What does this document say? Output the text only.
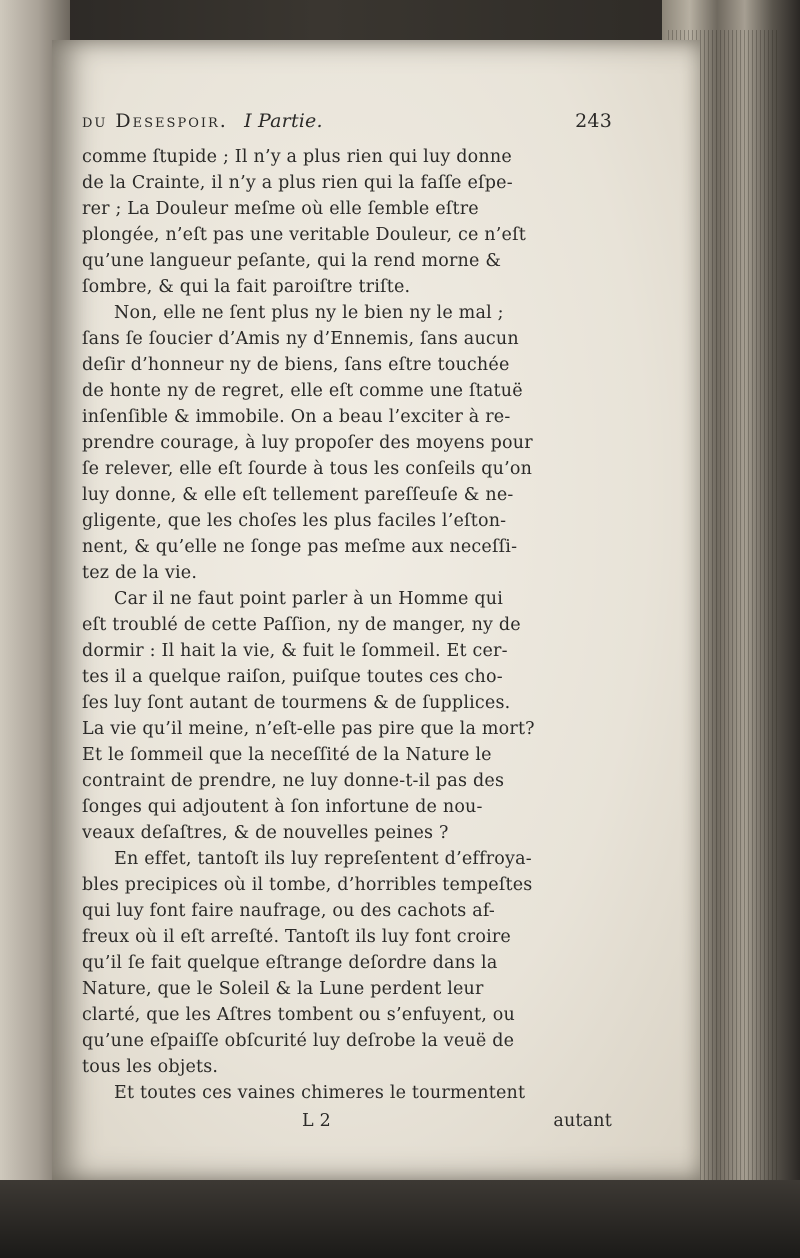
du Desespoir. I Partie.	243
comme ſtupide ; Il n’y a plus rien qui luy donne
de la Crainte, il n’y a plus rien qui la faſſe eſpe-
rer ; La Douleur meſme où elle ſemble eſtre
plongée, n’eſt pas une veritable Douleur, ce n’eſt
qu’une langueur peſante, qui la rend morne &
ſombre, & qui la fait paroiſtre triſte.
Non, elle ne ſent plus ny le bien ny le mal ;
ſans ſe ſoucier d’Amis ny d’Ennemis, ſans aucun
deſir d’honneur ny de biens, ſans eſtre touchée
de honte ny de regret, elle eſt comme une ſtatuë
inſenſible & immobile. On a beau l’exciter à re-
prendre courage, à luy propoſer des moyens pour
ſe relever, elle eſt ſourde à tous les conſeils qu’on
luy donne, & elle eſt tellement pareſſeuſe & ne-
gligente, que les choſes les plus faciles l’eſton-
nent, & qu’elle ne ſonge pas meſme aux neceſſi-
tez de la vie.
Car il ne faut point parler à un Homme qui
eſt troublé de cette Paſſion, ny de manger, ny de
dormir : Il hait la vie, & fuit le ſommeil. Et cer-
tes il a quelque raiſon, puiſque toutes ces cho-
ſes luy ſont autant de tourmens & de ſupplices.
La vie qu’il meine, n’eſt-elle pas pire que la mort?
Et le ſommeil que la neceſſité de la Nature le
contraint de prendre, ne luy donne-t-il pas des
ſonges qui adjoutent à ſon infortune de nou-
veaux deſaſtres, & de nouvelles peines ?
En effet, tantoſt ils luy repreſentent d’effroya-
bles precipices où il tombe, d’horribles tempeſtes
qui luy font faire naufrage, ou des cachots af-
freux où il eſt arreſté. Tantoſt ils luy font croire
qu’il ſe fait quelque eſtrange deſordre dans la
Nature, que le Soleil & la Lune perdent leur
clarté, que les Aſtres tombent ou s’enfuyent, ou
qu’une eſpaiſſe obſcurité luy deſrobe la veuë de
tous les objets.
Et toutes ces vaines chimeres le tourmentent
L 2	autant
